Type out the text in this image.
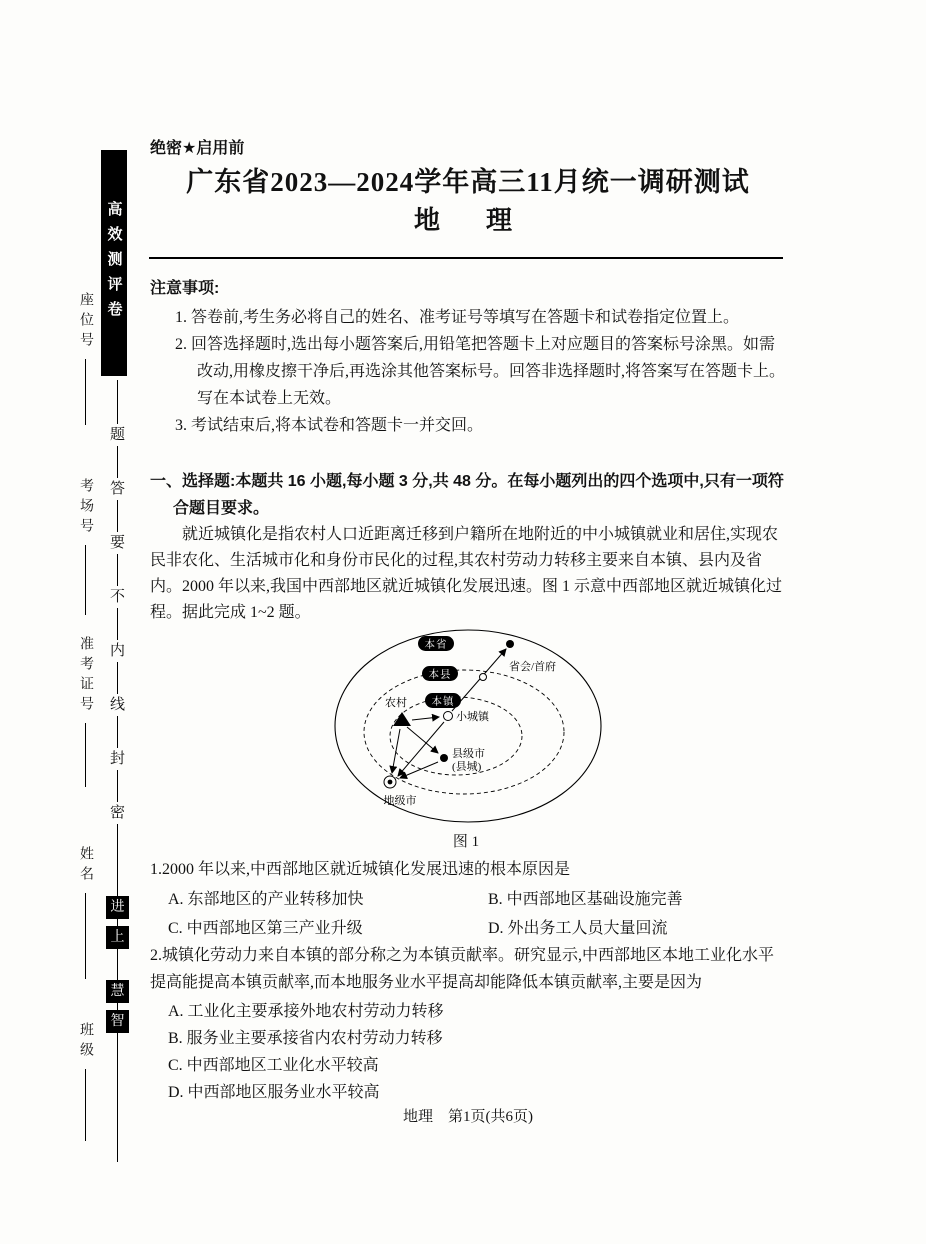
高效测评卷
座位号
考场号
准考证号
姓名
班级
题
答
要
不
内
线
封
密
进
上
慧
智
绝密★启用前
广东省2023—2024学年高三11月统一调研测试
地　理
注意事项:
1. 答卷前,考生务必将自己的姓名、准考证号等填写在答题卡和试卷指定位置上。
2. 回答选择题时,选出每小题答案后,用铅笔把答题卡上对应题目的答案标号涂黑。如需改动,用橡皮擦干净后,再选涂其他答案标号。回答非选择题时,将答案写在答题卡上。写在本试卷上无效。
3. 考试结束后,将本试卷和答题卡一并交回。
一、选择题:本题共 16 小题,每小题 3 分,共 48 分。在每小题列出的四个选项中,只有一项符合题目要求。
就近城镇化是指农村人口近距离迁移到户籍所在地附近的中小城镇就业和居住,实现农民非农化、生活城市化和身份市民化的过程,其农村劳动力转移主要来自本镇、县内及省内。2000 年以来,我国中西部地区就近城镇化发展迅速。图 1 示意中西部地区就近城镇化过程。据此完成 1~2 题。
本省
本县
本镇
省会/首府
小城镇
农村
县级市
(县城)
地级市
图 1
1.2000 年以来,中西部地区就近城镇化发展迅速的根本原因是
A. 东部地区的产业转移加快	B. 中西部地区基础设施完善
C. 中西部地区第三产业升级	D. 外出务工人员大量回流
2.城镇化劳动力来自本镇的部分称之为本镇贡献率。研究显示,中西部地区本地工业化水平提高能提高本镇贡献率,而本地服务业水平提高却能降低本镇贡献率,主要是因为
A. 工业化主要承接外地农村劳动力转移
B. 服务业主要承接省内农村劳动力转移
C. 中西部地区工业化水平较高
D. 中西部地区服务业水平较高
地理　第1页(共6页)
